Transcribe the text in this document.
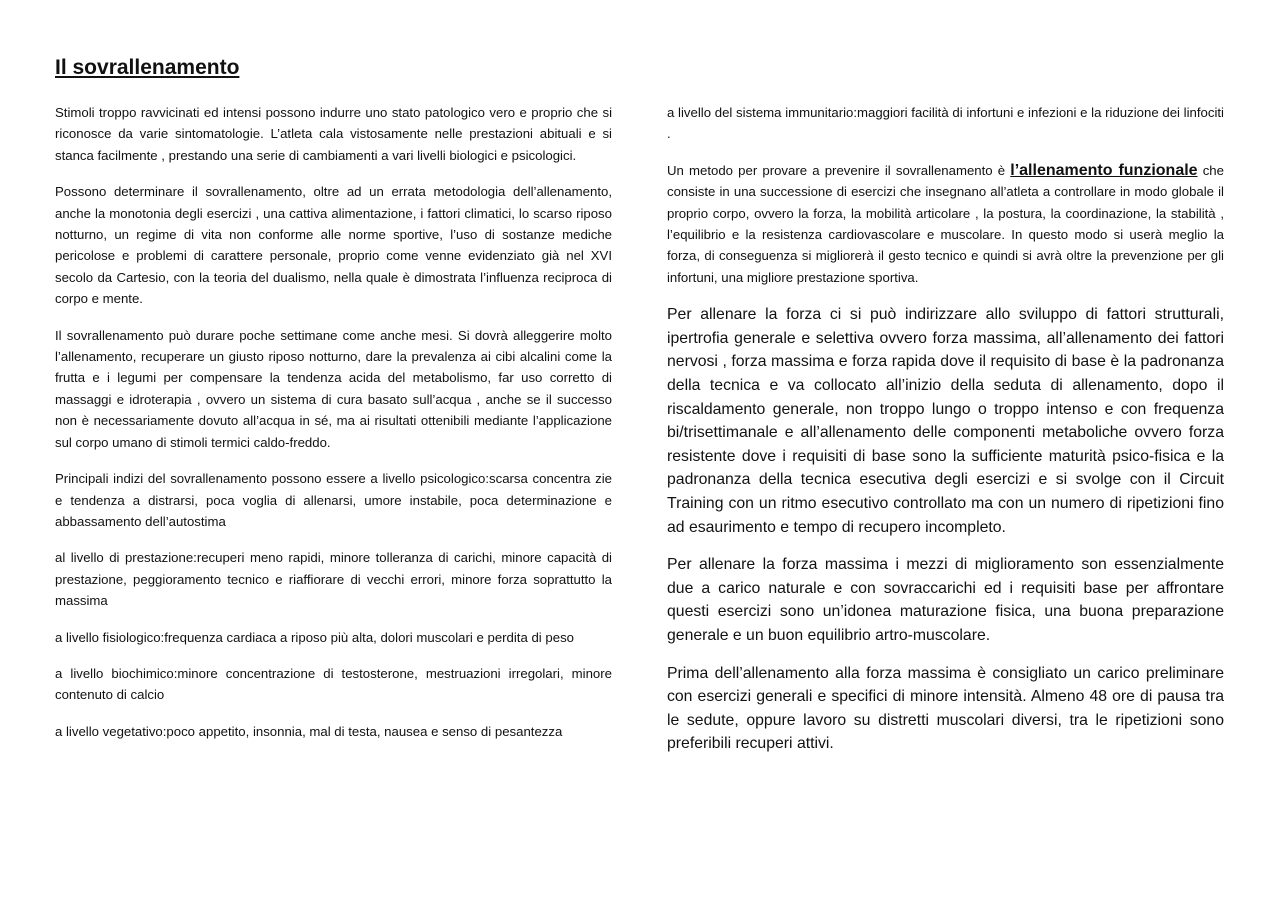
Il sovrallenamento

Stimoli troppo ravvicinati ed intensi possono indurre uno stato patologico vero e proprio che si riconosce da varie sintomatologie. L’atleta cala vistosamente nelle prestazioni abituali e si stanca facilmente , prestando una serie di cambiamenti a vari livelli biologici e psicologici.

Possono determinare il sovrallenamento, oltre ad un errata metodologia dell’allenamento, anche la monotonia degli esercizi , una cattiva alimentazione, i fattori climatici, lo scarso riposo notturno, un regime di vita non conforme alle norme sportive, l’uso di sostanze mediche pericolose e problemi di carattere personale, proprio come venne evidenziato già nel XVI secolo da Cartesio, con la teoria del dualismo, nella quale è dimostrata l’influenza reciproca di corpo e mente.

Il sovrallenamento può durare poche settimane come anche mesi. Si dovrà alleggerire molto l’allenamento, recuperare un giusto riposo notturno, dare la prevalenza ai cibi alcalini come la frutta e i legumi per compensare la tendenza acida del metabolismo, far uso corretto di massaggi e idroterapia , ovvero un sistema di cura basato sull’acqua , anche se il successo non è necessariamente dovuto all’acqua in sé, ma ai risultati ottenibili mediante l’applicazione sul corpo umano di stimoli termici caldo-freddo.

Principali indizi del sovrallenamento possono essere a livello psicologico:scarsa concentra zie e tendenza a distrarsi, poca voglia di allenarsi, umore instabile, poca determinazione e abbassamento dell’autostima

al livello di prestazione:recuperi meno rapidi, minore tolleranza di carichi, minore capacità di prestazione, peggioramento tecnico e riaffiorare di vecchi errori, minore forza soprattutto la massima

a livello fisiologico:frequenza cardiaca a riposo più alta, dolori muscolari e perdita di peso

a livello biochimico:minore concentrazione di testosterone, mestruazioni irregolari, minore contenuto di calcio

a livello vegetativo:poco appetito, insonnia, mal di testa, nausea e senso di pesantezza

a livello del sistema immunitario:maggiori facilità di infortuni e infezioni e la riduzione dei linfociti .

Un metodo per provare a prevenire il sovrallenamento è l’allenamento funzionale che consiste in una successione di esercizi che insegnano all’atleta a controllare in modo globale il proprio corpo, ovvero la forza, la mobilità articolare , la postura, la coordinazione, la stabilità , l’equilibrio e la resistenza cardiovascolare e muscolare. In questo modo si userà meglio la forza, di conseguenza si migliorerà il gesto tecnico e quindi si avrà oltre la prevenzione per gli infortuni, una migliore prestazione sportiva.

Per allenare la forza ci si può indirizzare allo sviluppo di fattori strutturali, ipertrofia generale e selettiva ovvero forza massima, all’allenamento dei fattori nervosi , forza massima e forza rapida dove il requisito di base è la padronanza della tecnica e va collocato all’inizio della seduta di allenamento, dopo il riscaldamento generale, non troppo lungo o troppo intenso e con frequenza bi/trisettimanale e all’allenamento delle componenti metaboliche ovvero forza resistente dove i requisiti di base sono la sufficiente maturità psico-fisica e la padronanza della tecnica esecutiva degli esercizi e si svolge con il Circuit Training con un ritmo esecutivo controllato ma con un numero di ripetizioni fino ad esaurimento e tempo di recupero incompleto.

Per allenare la forza massima i mezzi di miglioramento son essenzialmente due a carico naturale e con sovraccarichi ed i requisiti base per affrontare questi esercizi sono un’idonea maturazione fisica, una buona preparazione generale e un buon equilibrio artro-muscolare.

Prima dell’allenamento alla forza massima è consigliato un carico preliminare con esercizi generali e specifici di minore intensità. Almeno 48 ore di pausa tra le sedute, oppure lavoro su distretti muscolari diversi, tra le ripetizioni sono preferibili recuperi attivi.
